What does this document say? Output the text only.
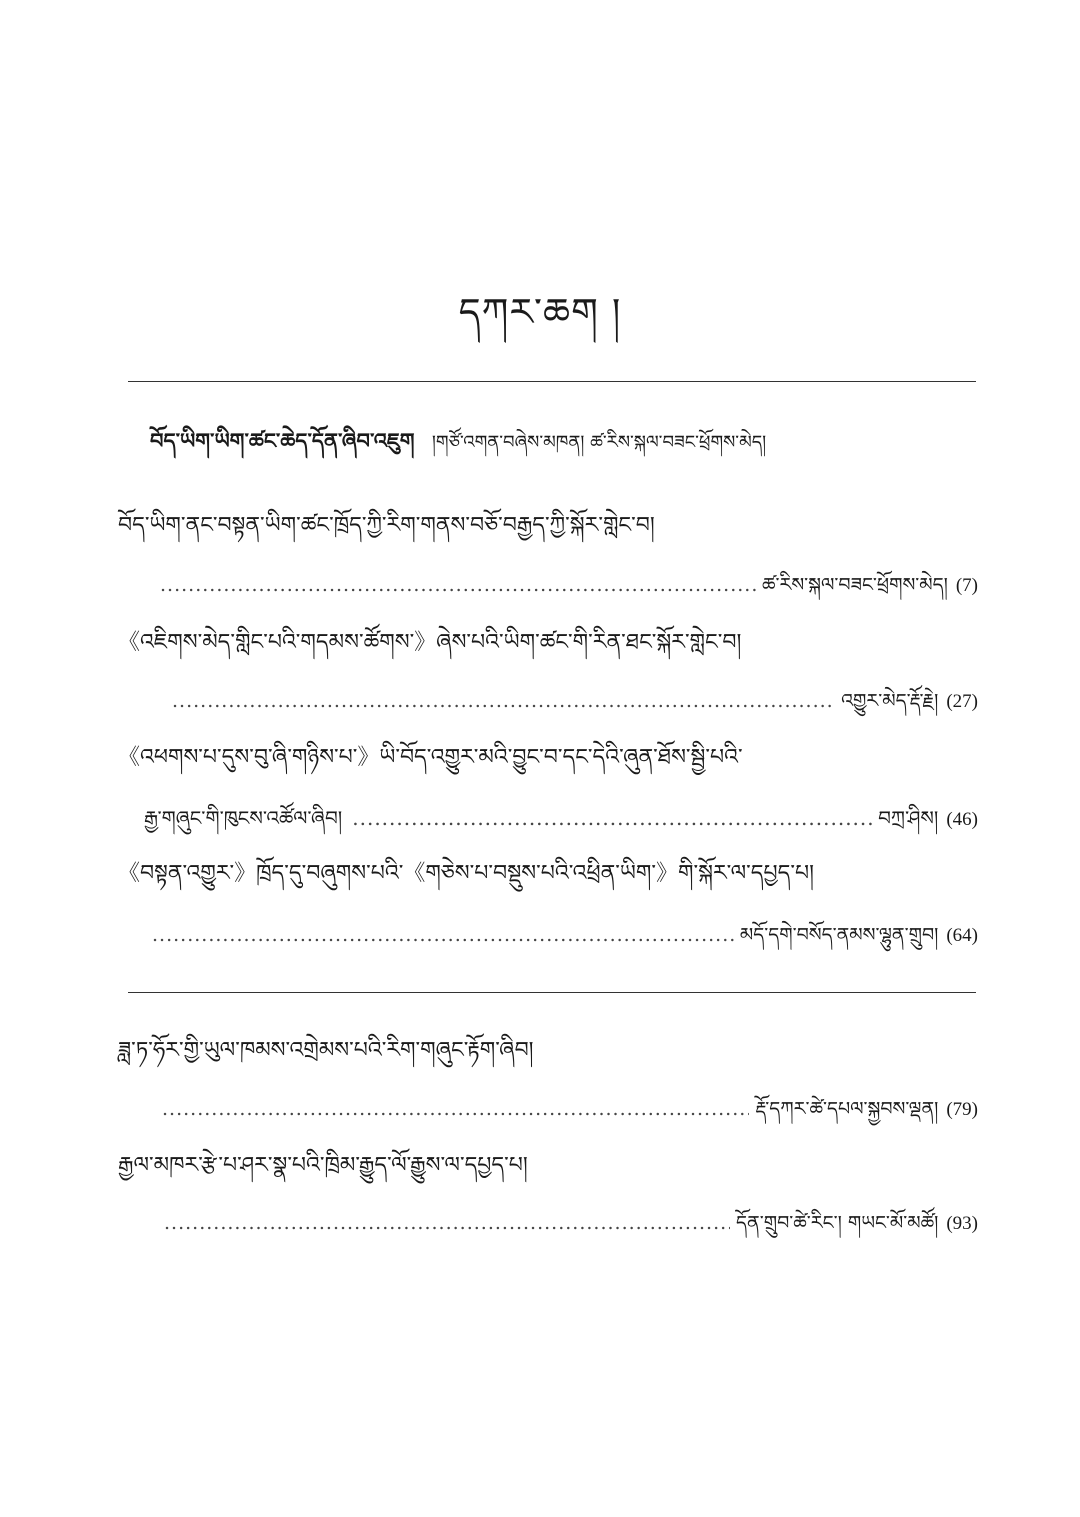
དཀར་ཆག །
བོད་ཡིག་ཡིག་ཚང་ཆེད་དོན་ཞིབ་འཇུག །གཙོ་འགན་བཞེས་མཁན། ཚ་རིས་སྐལ་བཟང་ཕྲོགས་མེད།
བོད་ཡིག་ནང་བསྟན་ཡིག་ཚང་ཁྲོད་ཀྱི་རིག་གནས་བཅོ་བརྒྱད་ཀྱི་སྐོར་གླེང་བ།
.....
ཚ་རིས་སྐལ་བཟང་ཕྲོགས་མེད། (7)
《འཇིགས་མེད་གླིང་པའི་གདམས་ཚོགས་》ཞེས་པའི་ཡིག་ཚང་གི་རིན་ཐང་སྐོར་གླེང་བ།
.....
འགྱུར་མེད་རྡོ་རྗེ། (27)
《འཕགས་པ་དུས་བུ་ཞི་གཉིས་པ་》ཡི་བོད་འགྱུར་མའི་བྱུང་བ་དང་དེའི་ཞུན་ཐོས་སྦྱི་པའི་
རྒྱ་གཞུང་གི་ཁུངས་འཚོལ་ཞིབ།
.....	བཀྲ་ཤིས། (46)
《བསྟན་འགྱུར་》ཁྲོད་དུ་བཞུགས་པའི་《གཅེས་པ་བསྡུས་པའི་འཕྲིན་ཡིག་》གི་སྐོར་ལ་དཔྱད་པ།
.....
མདོ་དགེ་བསོད་ནམས་ལྷུན་གྲུབ། (64)
ཟླ་ཏ་ཧོར་གྱི་ཡུལ་ཁམས་འགྲེམས་པའི་རིག་གཞུང་རྟོག་ཞིབ།
.....
རྡོ་དཀར་ཚེ་དཔལ་སྐྱབས་ལྡན། (79)
རྒྱལ་མཁར་རྩེ་པ་ཤར་སྣ་པའི་ཁྲིམ་རྒྱུད་ལོ་རྒྱུས་ལ་དཔྱད་པ།
.....
དོན་གྲུབ་ཚེ་རིང་། གཡང་མོ་མཚོ། (93)
